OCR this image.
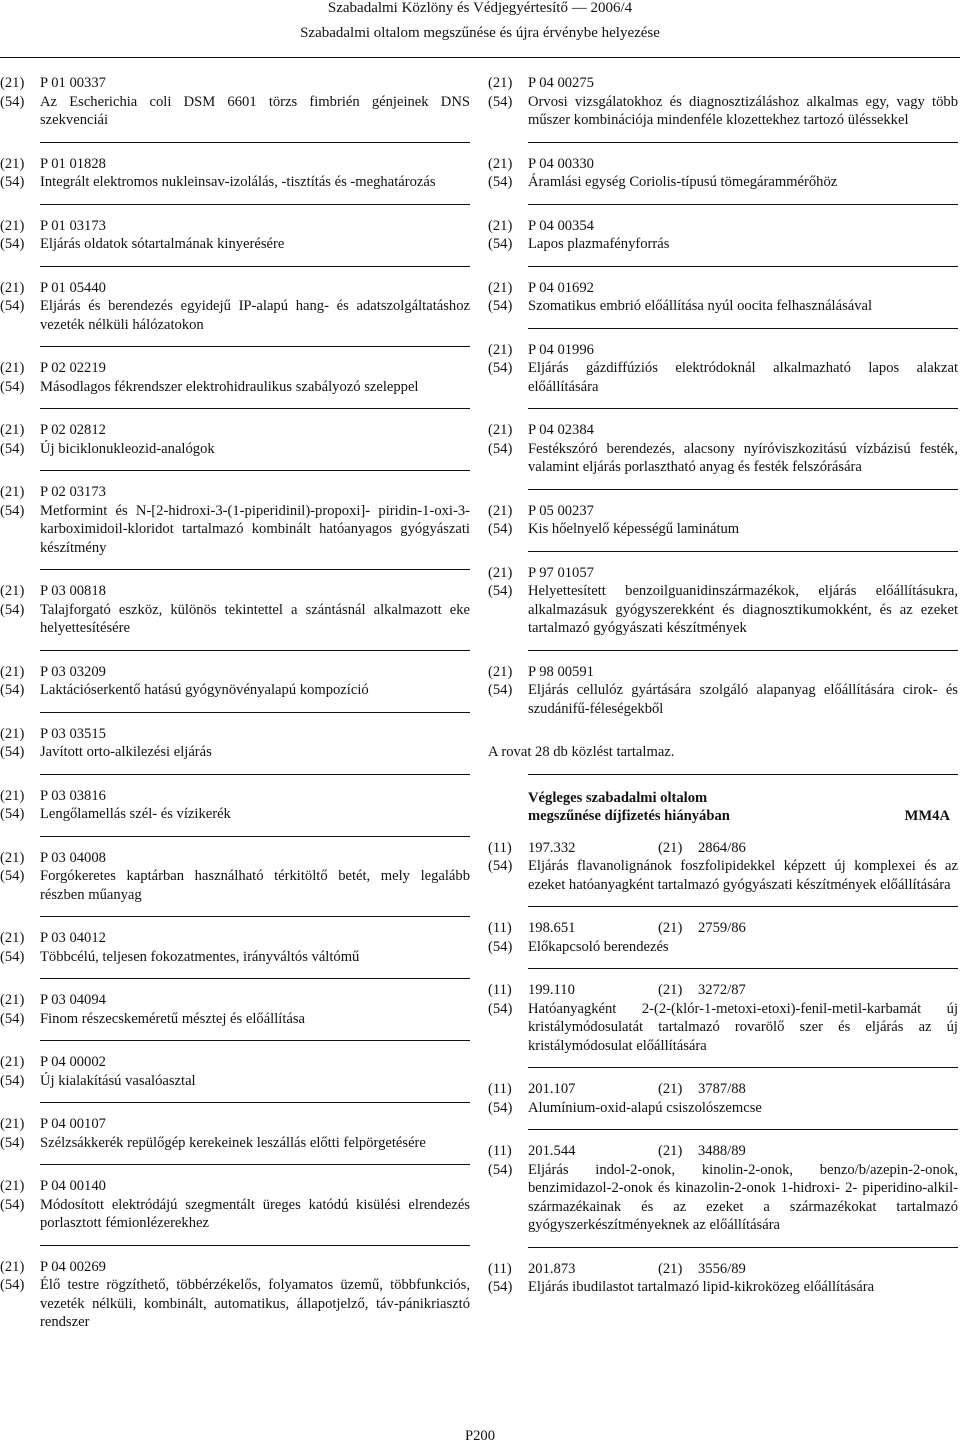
Szabadalmi Közlöny és Védjegyértesítő — 2006/4
Szabadalmi oltalom megszűnése és újra érvénybe helyezése
(21)	P 01 00337
(54)	Az Escherichia coli DSM 6601 törzs fimbrién génjeinek DNS szekvenciái
(21)	P 01 01828
(54)	Integrált elektromos nukleinsav-izolálás, -tisztítás és -meghatározás
(21)	P 01 03173
(54)	Eljárás oldatok sótartalmának kinyerésére
(21)	P 01 05440
(54)	Eljárás és berendezés egyidejű IP-alapú hang- és adatszolgáltatáshoz vezeték nélküli hálózatokon
(21)	P 02 02219
(54)	Másodlagos fékrendszer elektrohidraulikus szabályozó szeleppel
(21)	P 02 02812
(54)	Új biciklonukleozid-analógok
(21)	P 02 03173
(54)	Metformint és N-[2-hidroxi-3-(1-piperidinil)-propoxi]- piridin-1-oxi-3-karboximidoil-kloridot tartalmazó kombinált hatóanyagos gyógyászati készítmény
(21)	P 03 00818
(54)	Talajforgató eszköz, különös tekintettel a szántásnál alkalmazott eke helyettesítésére
(21)	P 03 03209
(54)	Laktációserkentő hatású gyógynövényalapú kompozíció
(21)	P 03 03515
(54)	Javított orto-alkilezési eljárás
(21)	P 03 03816
(54)	Lengőlamellás szél- és vízikerék
(21)	P 03 04008
(54)	Forgókeretes kaptárban használható térkitöltő betét, mely legalább részben műanyag
(21)	P 03 04012
(54)	Többcélú, teljesen fokozatmentes, irányváltós váltómű
(21)	P 03 04094
(54)	Finom részecskeméretű mésztej és előállítása
(21)	P 04 00002
(54)	Új kialakítású vasalóasztal
(21)	P 04 00107
(54)	Szélzsákkerék repülőgép kerekeinek leszállás előtti felpörgetésére
(21)	P 04 00140
(54)	Módosított elektródájú szegmentált üreges katódú kisülési elrendezés porlasztott fémionlézerekhez
(21)	P 04 00269
(54)	Élő testre rögzíthető, többérzékelős, folyamatos üzemű, többfunkciós, vezeték nélküli, kombinált, automatikus, állapotjelző, táv-pánikriasztó rendszer
(21)	P 04 00275
(54)	Orvosi vizsgálatokhoz és diagnosztizáláshoz alkalmas egy, vagy több műszer kombinációja mindenféle klozettekhez tartozó üléssekkel
(21)	P 04 00330
(54)	Áramlási egység Coriolis-típusú tömegárammérőhöz
(21)	P 04 00354
(54)	Lapos plazmafényforrás
(21)	P 04 01692
(54)	Szomatikus embrió előállítása nyúl oocita felhasználásával
(21)	P 04 01996
(54)	Eljárás gázdiffúziós elektródoknál alkalmazható lapos alakzat előállítására
(21)	P 04 02384
(54)	Festékszóró berendezés, alacsony nyíróviszkozitású vízbázisú festék, valamint eljárás porlasztható anyag és festék felszórására
(21)	P 05 00237
(54)	Kis hőelnyelő képességű laminátum
(21)	P 97 01057
(54)	Helyettesített benzoilguanidinszármazékok, eljárás előállításukra, alkalmazásuk gyógyszerekként és diagnosztikumokként, és az ezeket tartalmazó gyógyászati készítmények
(21)	P 98 00591
(54)	Eljárás cellulóz gyártására szolgáló alapanyag előállítására cirok- és szudánifű-féleségekből
A rovat 28 db közlést tartalmaz.
Végleges szabadalmi oltalom
megszűnése díjfizetés hiányában	MM4A
(11)	197.332	(21)	2864/86
(54)	Eljárás flavanolignánok foszfolipidekkel képzett új komplexei és az ezeket hatóanyagként tartalmazó gyógyászati készítmények előállítására
(11)	198.651	(21)	2759/86
(54)	Előkapcsoló berendezés
(11)	199.110	(21)	3272/87
(54)	Hatóanyagként 2-(2-(klór-1-metoxi-etoxi)-fenil-metil-karbamát új kristálymódosulatát tartalmazó rovarölő szer és eljárás az új kristálymódosulat előállítására
(11)	201.107	(21)	3787/88
(54)	Alumínium-oxid-alapú csiszolószemcse
(11)	201.544	(21)	3488/89
(54)	Eljárás indol-2-onok, kinolin-2-onok, benzo/b/azepin-2-onok, benzimidazol-2-onok és kinazolin-2-onok 1-hidroxi- 2- piperidino-alkil-származékainak és az ezeket a származékokat tartalmazó gyógyszerkészítményeknek az előállítására
(11)	201.873	(21)	3556/89
(54)	Eljárás ibudilastot tartalmazó lipid-kikroközeg előállítására
P200
